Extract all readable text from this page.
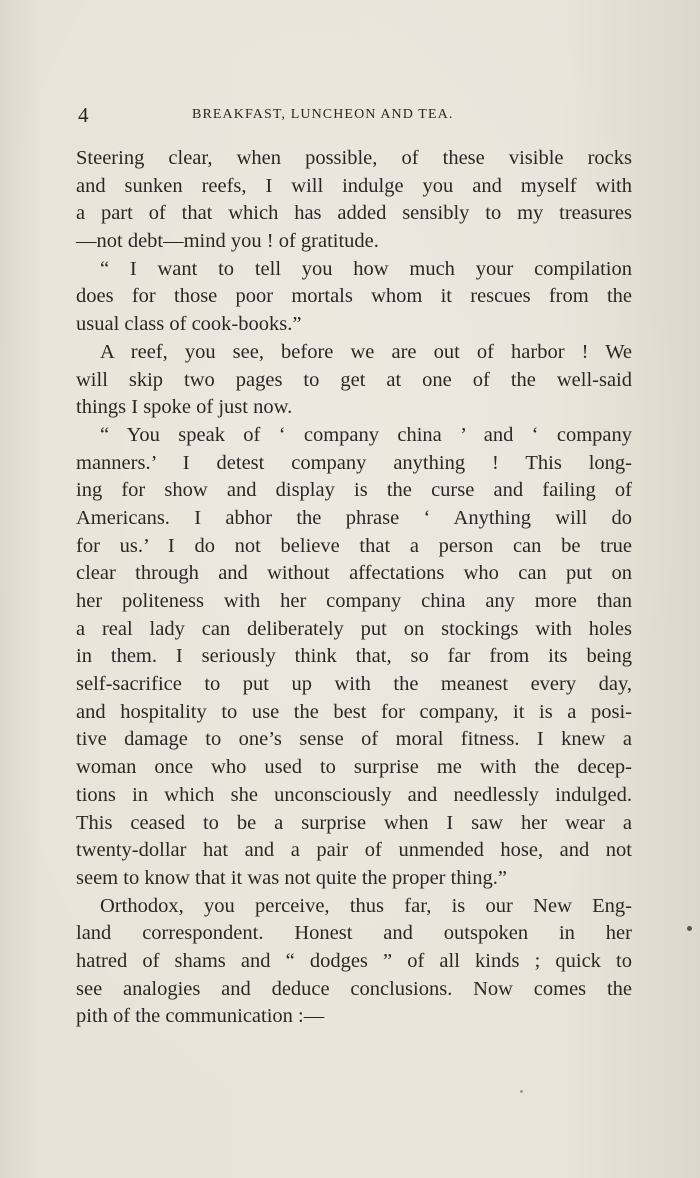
4	BREAKFAST, LUNCHEON AND TEA.
Steering clear, when possible, of these visible rocks
and sunken reefs, I will indulge you and myself with
a part of that which has added sensibly to my treasures
—not debt—mind you ! of gratitude.
“ I want to tell you how much your compilation
does for those poor mortals whom it rescues from the
usual class of cook-books.”
A reef, you see, before we are out of harbor ! We
will skip two pages to get at one of the well-said
things I spoke of just now.
“ You speak of ‘ company china ’ and ‘ company
manners.’ I detest company anything ! This long-
ing for show and display is the curse and failing of
Americans. I abhor the phrase ‘ Anything will do
for us.’ I do not believe that a person can be true
clear through and without affectations who can put on
her politeness with her company china any more than
a real lady can deliberately put on stockings with holes
in them. I seriously think that, so far from its being
self-sacrifice to put up with the meanest every day,
and hospitality to use the best for company, it is a posi-
tive damage to one’s sense of moral fitness. I knew a
woman once who used to surprise me with the decep-
tions in which she unconsciously and needlessly indulged.
This ceased to be a surprise when I saw her wear a
twenty-dollar hat and a pair of unmended hose, and not
seem to know that it was not quite the proper thing.”
Orthodox, you perceive, thus far, is our New Eng-
land correspondent. Honest and outspoken in her
hatred of shams and “ dodges ” of all kinds ; quick to
see analogies and deduce conclusions. Now comes the
pith of the communication :—
